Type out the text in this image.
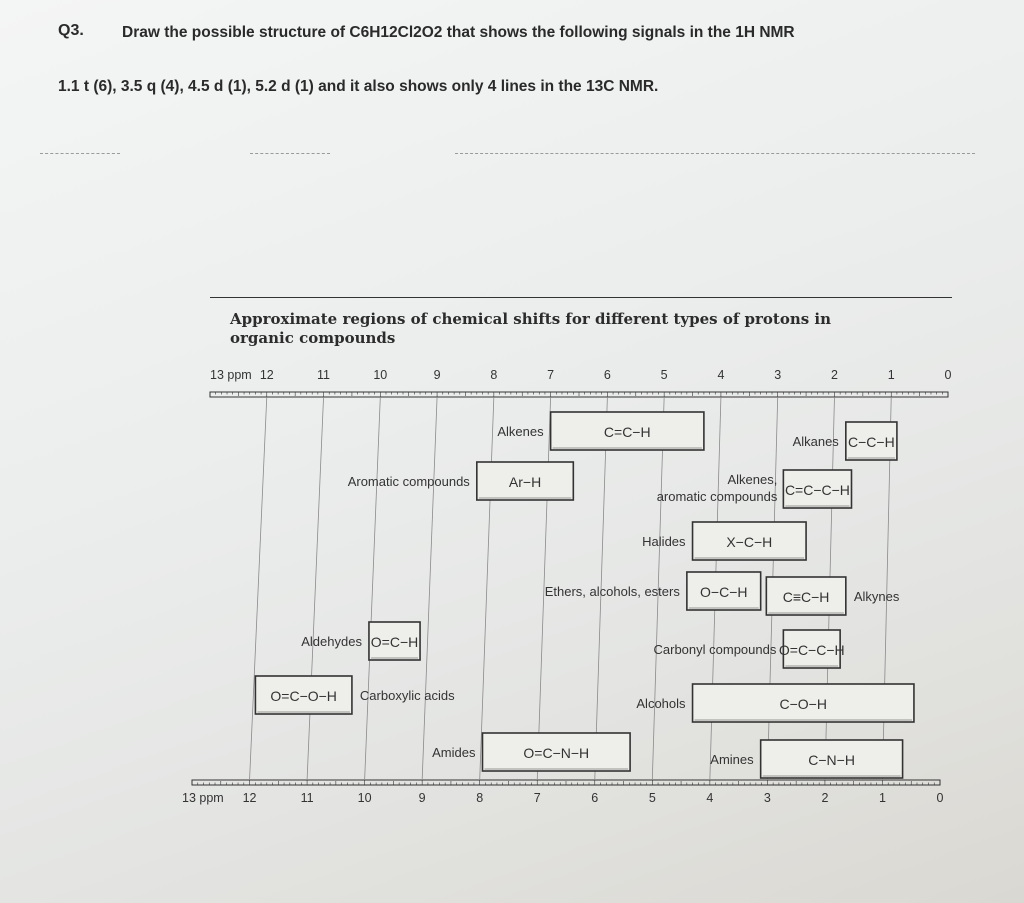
Q3. Draw the possible structure of C6H12Cl2O2 that shows the following signals in the 1H NMR
1.1 t (6), 3.5 q (4), 4.5 d (1), 5.2 d (1) and it also shows only 4 lines in the 13C NMR.
Approximate regions of chemical shifts for different types of protons in organic compounds
13 ppm 12	11	10	9	8	7	6	5	4	3	2	1	0
13 ppm 12	11	10	9	8	7	6	5	4	3	2	1	0
C=C−H
Alkenes
C−C−H
Alkanes
Ar−H
Aromatic compounds
C=C−C−H
Alkenes,
aromatic compounds
X−C−H
Halides
O−C−H
Ethers, alcohols, esters	C≡C−H Alkynes
O=C−H
Aldehydes
O=C−C−H
Carbonyl compounds
O=C−O−H Carboxylic acids
C−O−H
Alcohols
O=C−N−H
Amides	C−N−H
Amines
